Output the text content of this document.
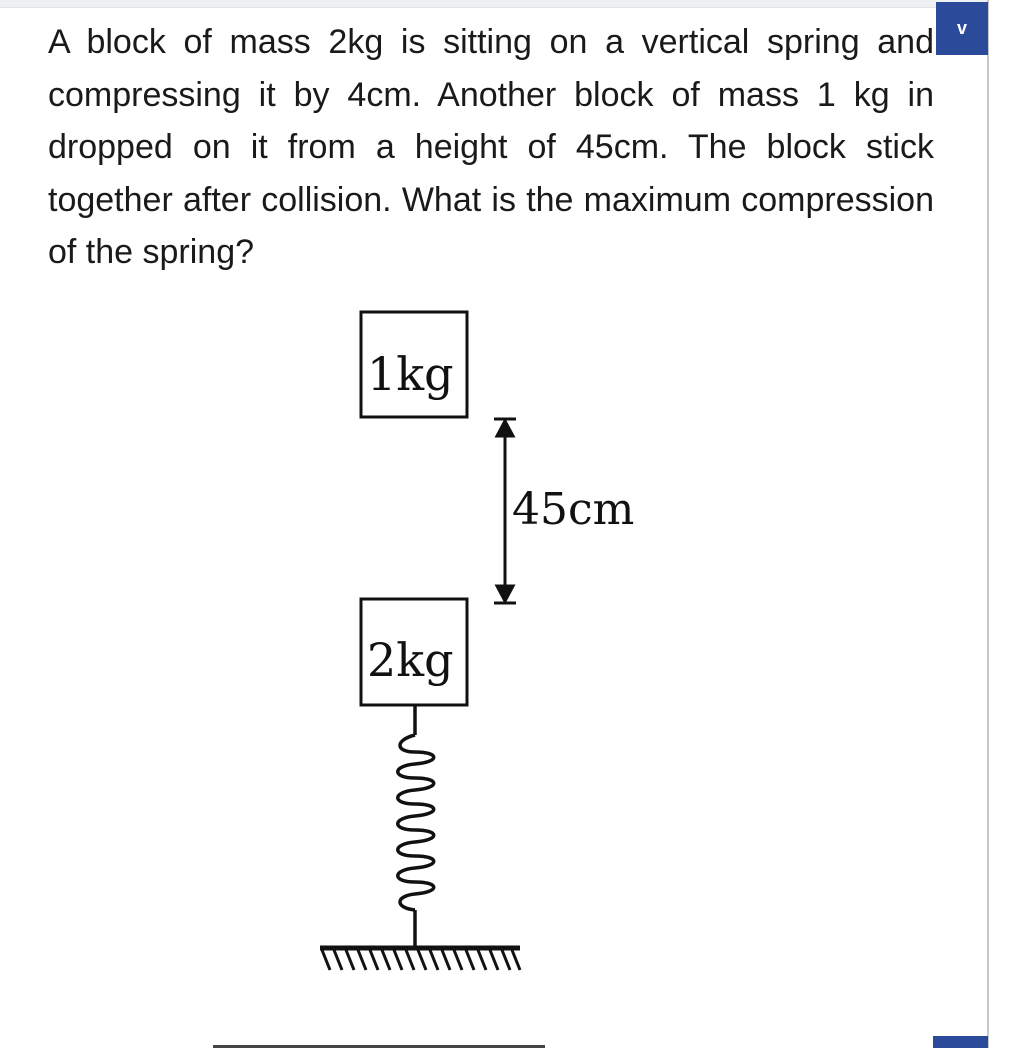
A block of mass 2kg is sitting on a vertical spring and compressing it by 4cm. Another block of mass 1 kg in dropped on it from a height of 45cm. The block stick together after collision. What is the maximum compression of the spring?
v
1kg
45cm
2kg
